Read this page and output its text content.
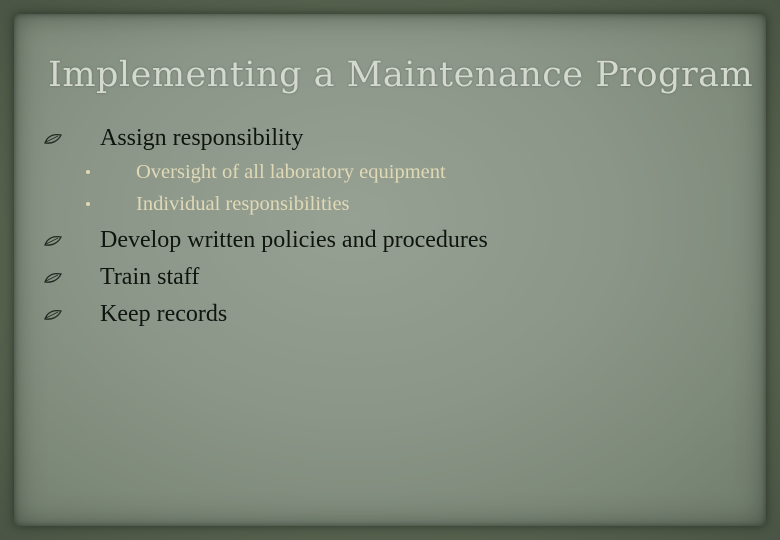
Implementing a Maintenance Program
Assign responsibility
Oversight of all laboratory equipment
Individual responsibilities
Develop written policies and procedures
Train staff
Keep records
